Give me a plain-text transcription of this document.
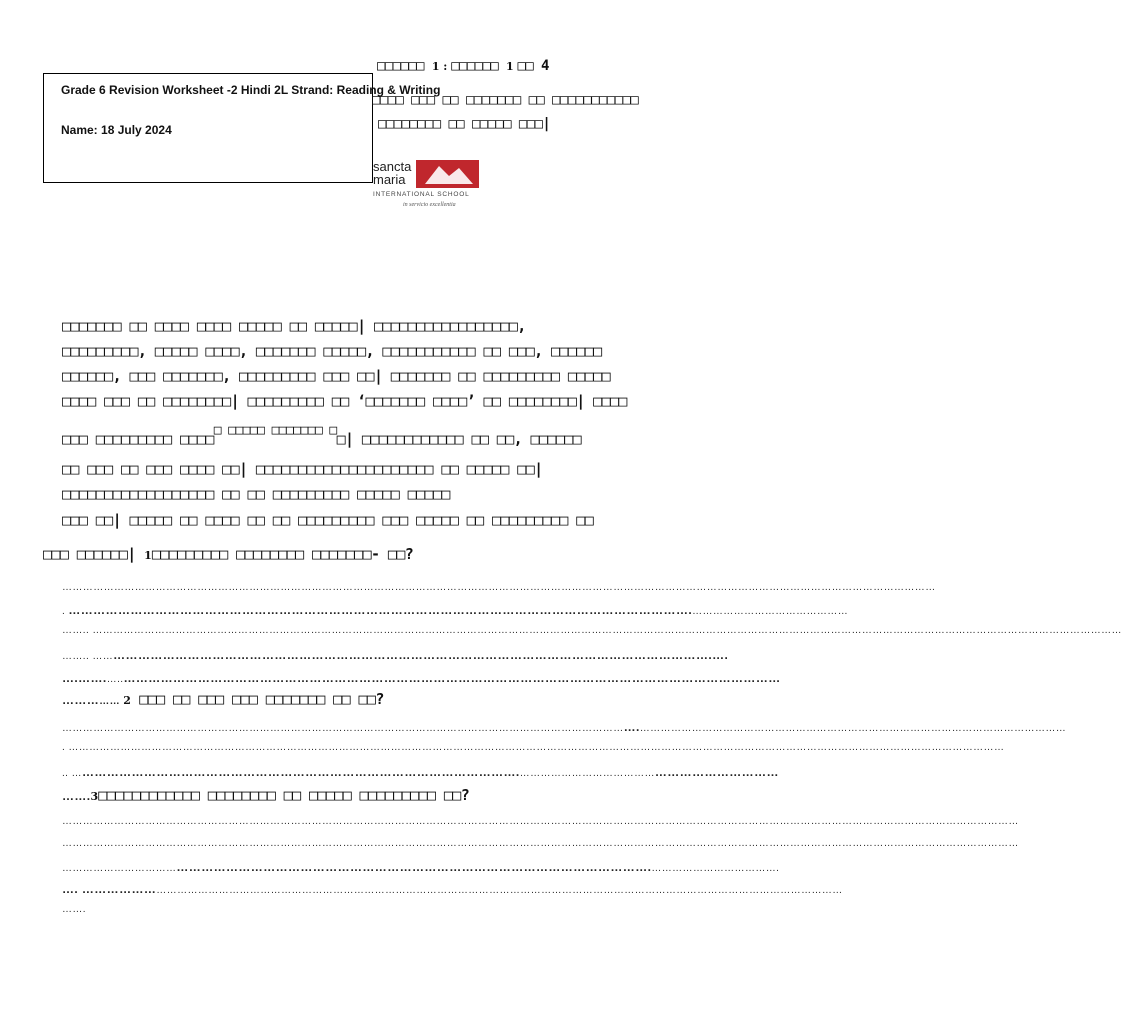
Grade 6 Revision Worksheet -2 Hindi 2L Strand: Reading & Writing
Name: 18 July 2024
□□□□□□ 1 : □□□□□□ 1 □□ 4
□□□□ □□□ □□ □□□□□□□ □□ □□□□□□□□□□□
□□□□□□□□ □□ □□□□□ □□□|
sancta
maria
INTERNATIONAL SCHOOL
in servicio excellentia
□□□□□□□ □□ □□□□ □□□□ □□□□□ □□ □□□□□| □□□□□□□□□□□□□□□□□,
□□□□□□□□□, □□□□□ □□□□, □□□□□□□ □□□□□, □□□□□□□□□□□ □□ □□□, □□□□□□
□□□□□□, □□□ □□□□□□□, □□□□□□□□□ □□□ □□| □□□□□□□ □□ □□□□□□□□□ □□□□□
□□□□ □□□ □□ □□□□□□□□| □□□□□□□□□ □□ ‘□□□□□□□ □□□□’ □□ □□□□□□□□| □□□□
□□□ □□□□□□□□□ □□□□□ □□□□□ □□□□□□□ □□| □□□□□□□□□□□□ □□ □□, □□□□□□
□□ □□□ □□ □□□ □□□□ □□| □□□□□□□□□□□□□□□□□□□□□ □□ □□□□□ □□|
□□□□□□□□□□□□□□□□□□ □□ □□ □□□□□□□□□ □□□□□ □□□□□
□□□ □□| □□□□□ □□ □□□□ □□ □□ □□□□□□□□□ □□□ □□□□□ □□ □□□□□□□□□ □□
□□□ □□□□□□| 1□□□□□□□□□ □□□□□□□□ □□□□□□□- □□?
………………………………………………………………………………………………………………………………………………………………………………………………………………………………
. …………………………………………………………………………………………………………………………………….………………………………………
…….. ………………………………………………………………………………………………………………………………………………………………………………………………………………………………………………………………………
…….. …………………………………………………………………………………………………………………………………….….
….…….…..……………………………………………………………………………………………………………………………………………
…………… 2 □□□ □□ □□□ □□□ □□□□□□□ □□ □□?
………………………………………………………………………………………………………………………………………………….……………………………………………………………………………………………………………
. ………………………………………………………………………………………………………………………………………………………………………………………………………………………………………………
.. ……………………………………………………………………………………………….……………………………………………………………
…….3□□□□□□□□□□□□ □□□□□□□□ □□ □□□□□ □□□□□□□□□ □□?
……………………………………………………………………………………………………………………………………………………………………………………………………………………………………………………
……………………………………………………………………………………………………………………………………………………………………………………………………………………………………………………
………………………………………………………………………………………………………………………………….……………………………….
…. ………………………………………………………………………………………………………………………………………………………………………………………………
…….
